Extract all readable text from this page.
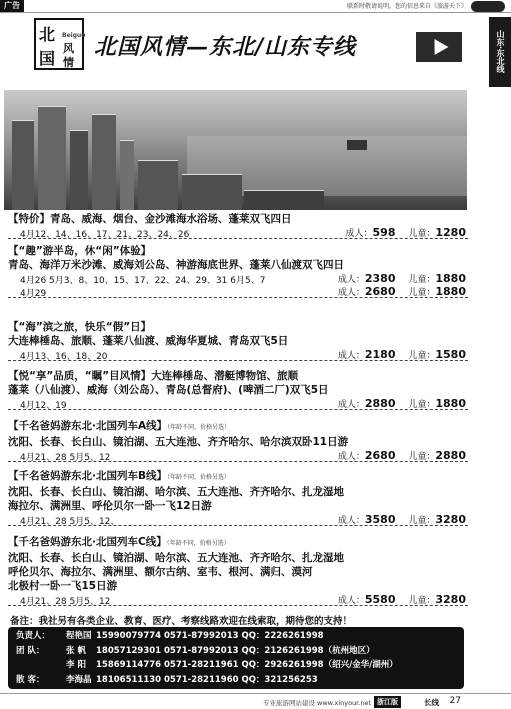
广告	联系时敬请说明，您的信息来自《旅游天下》
山东·东北线
北
国
风
情
Beiguo 北国风情—东北/山东专线
【特价】青岛、威海、烟台、金沙滩海水浴场、蓬莱双飞四日
4月12、14、16、17、21、23、24、26	成人：598 儿童：1280
【“趣”游半岛，休“闲”体验】
青岛、海洋万米沙滩、威海刘公岛、神游海底世界、蓬莱八仙渡双飞四日
4月26 5月3、8、10、15、17、22、24、29、31 6月5、7	成人：2380 儿童：1880
4月29	成人：2680 儿童：1880
【“海”滨之旅，快乐“假”日】
大连棒棰岛、旅顺、蓬莱八仙渡、威海华夏城、青岛双飞5日
4月13、16、18、20	成人：2180 儿童：1580
【悦“享”品质，“瞩”目风情】大连棒棰岛、潜艇博物馆、旅顺
蓬莱（八仙渡）、威海（刘公岛）、青岛(总督府)、(啤酒二厂)双飞5日
4月12、19	成人：2880 儿童：1880
【千名爸妈游东北·北国列车A线】（年龄不同，价格另选）
沈阳、长春、长白山、镜泊湖、五大连池、齐齐哈尔、哈尔滨双卧11日游
4月21、28 5月5、12	成人：2680 儿童：2880
【千名爸妈游东北·北国列车B线】（年龄不同，价格另选）
沈阳、长春、长白山、镜泊湖、哈尔滨、五大连池、齐齐哈尔、扎龙湿地
海拉尔、满洲里、呼伦贝尔一卧一飞12日游
4月21、28 5月5、12、	成人：3580 儿童：3280
【千名爸妈游东北·北国列车C线】（年龄不同，价格另选）
沈阳、长春、长白山、镜泊湖、哈尔滨、五大连池、齐齐哈尔、扎龙湿地
呼伦贝尔、海拉尔、满洲里、额尔古纳、室韦、根河、满归、漠河
北极村一卧一飞15日游
4月21、28 5月5、12	成人：5580 儿童：3280
备注：我社另有各类企业、教育、医疗、考察线路欢迎在线索取，期待您的支持！
负责人： 程艳国 15990079774 0571-87992013 QQ：2226261998
团 队：	张 帆 18057129301 0571-87992013 QQ：2126261998（杭州地区）
李 阳 15869114776 0571-28211961 QQ：2926261998（绍兴/金华/湖州）
散 客：	李海晶 18106511130 0571-28211960 QQ：321256253
专业旅游网站建设 www.xinyour.net 浙江版	长线 27
